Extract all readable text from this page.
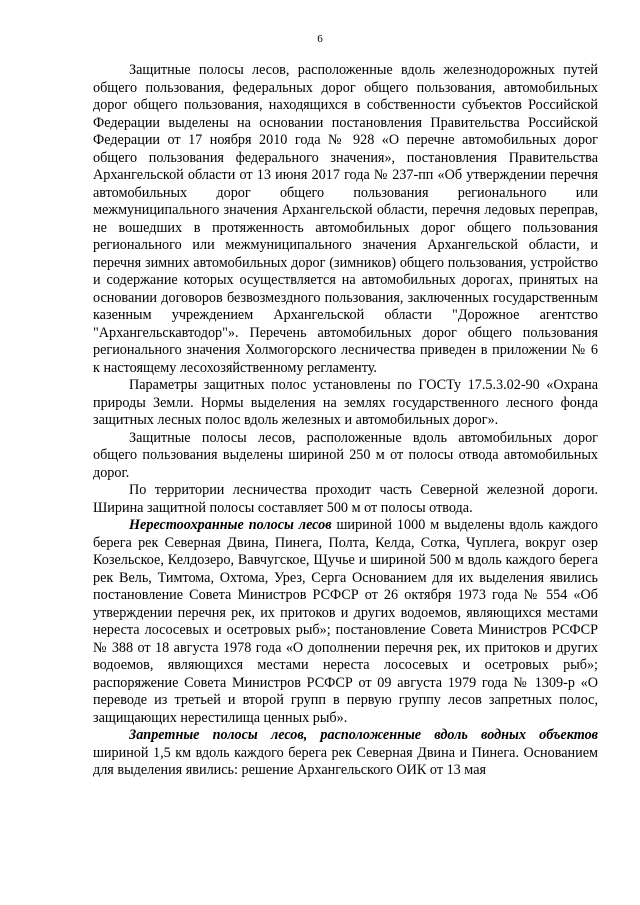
6

Защитные полосы лесов, расположенные вдоль железнодорожных путей общего пользования, федеральных дорог общего пользования, автомобильных дорог общего пользования, находящихся в собственности субъектов Российской Федерации выделены на основании постановления Правительства Российской Федерации от 17 ноября 2010 года № 928 «О перечне автомобильных дорог общего пользования федерального значения», постановления Правительства Архангельской области от 13 июня 2017 года № 237-пп «Об утверждении перечня автомобильных дорог общего пользования регионального или межмуниципального значения Архангельской области, перечня ледовых переправ, не вошедших в протяженность автомобильных дорог общего пользования регионального или межмуниципального значения Архангельской области, и перечня зимних автомобильных дорог (зимников) общего пользования, устройство и содержание которых осуществляется на автомобильных дорогах, принятых на основании договоров безвозмездного пользования, заключенных государственным казенным учреждением Архангельской области "Дорожное агентство "Архангельскавтодор"». Перечень автомобильных дорог общего пользования регионального значения Холмогорского лесничества приведен в приложении № 6 к настоящему лесохозяйственному регламенту.

Параметры защитных полос установлены по ГОСТу 17.5.3.02-90 «Охрана природы Земли. Нормы выделения на землях государственного лесного фонда защитных лесных полос вдоль железных и автомобильных дорог».

Защитные полосы лесов, расположенные вдоль автомобильных дорог общего пользования выделены шириной 250 м от полосы отвода автомобильных дорог.

По территории лесничества проходит часть Северной железной дороги. Ширина защитной полосы составляет 500 м от полосы отвода.

Нерестоохранные полосы лесов шириной 1000 м выделены вдоль каждого берега рек Северная Двина, Пинега, Полта, Келда, Сотка, Чуплега, вокруг озер Козельское, Келдозеро, Вавчугское, Щучье и шириной 500 м вдоль каждого берега рек Вель, Тимтома, Охтома, Урез, Серга Основанием для их выделения явились постановление Совета Министров РСФСР от 26 октября 1973 года № 554 «Об утверждении перечня рек, их притоков и других водоемов, являющихся местами нереста лососевых и осетровых рыб»; постановление Совета Министров РСФСР № 388 от 18 августа 1978 года «О дополнении перечня рек, их притоков и других водоемов, являющихся местами нереста лососевых и осетровых рыб»; распоряжение Совета Министров РСФСР от 09 августа 1979 года № 1309-р «О переводе из третьей и второй групп в первую группу лесов запретных полос, защищающих нерестилища ценных рыб».

Запретные полосы лесов, расположенные вдоль водных объектов шириной 1,5 км вдоль каждого берега рек Северная Двина и Пинега. Основанием для выделения явились: решение Архангельского ОИК от 13 мая
